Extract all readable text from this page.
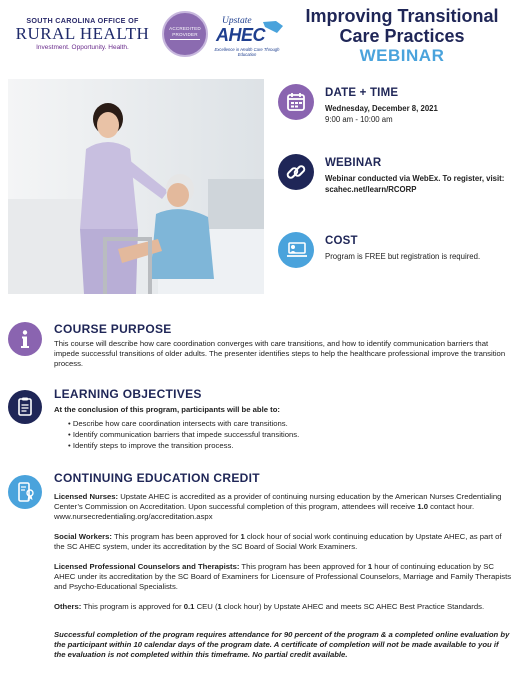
SOUTH CAROLINA OFFICE OF
RURAL HEALTH
Investment. Opportunity. Health.
ACCREDITED
PROVIDER
Upstate
AHEC
Excellence in Health Care Through Education
Improving Transitional
Care Practices
WEBINAR
DATE + TIME
Wednesday, December 8, 2021
9:00 am - 10:00 am
WEBINAR
Webinar conducted via WebEx. To register, visit: scahec.net/learn/RCORP
COST
Program is FREE but registration is required.
COURSE PURPOSE
This course will describe how care coordination converges with care transitions, and how to identify communication barriers that impede successful transitions of older adults. The presenter identifies steps to help the healthcare professional improve the transition process.
LEARNING OBJECTIVES
At the conclusion of this program, participants will be able to:
• Describe how care coordination intersects with care transitions.
• Identify communication barriers that impede successful transitions.
• Identify steps to improve the transition process.
CONTINUING EDUCATION CREDIT
Licensed Nurses: Upstate AHEC is accredited as a provider of continuing nursing education by the American Nurses Credentialing Center’s Commission on Accreditation. Upon successful completion of this program, attendees will receive 1.0 contact hour. www.nursecredentialing.org/accreditation.aspx
Social Workers: This program has been approved for 1 clock hour of social work continuing education by Upstate AHEC, as part of the SC AHEC system, under its accreditation by the SC Board of Social Work Examiners.
Licensed Professional Counselors and Therapists: This program has been approved for 1 hour of continuing education by SC AHEC under its accreditation by the SC Board of Examiners for Licensure of Professional Counselors, Marriage and Family Therapists and Psycho-Educational Specialists.
Others: This program is approved for 0.1 CEU (1 clock hour) by Upstate AHEC and meets SC AHEC Best Practice Standards.
Successful completion of the program requires attendance for 90 percent of the program & a completed online evaluation by the participant within 10 calendar days of the program date. A certificate of completion will not be made available to you if the evaluation is not completed within this timeframe. No partial credit available.
